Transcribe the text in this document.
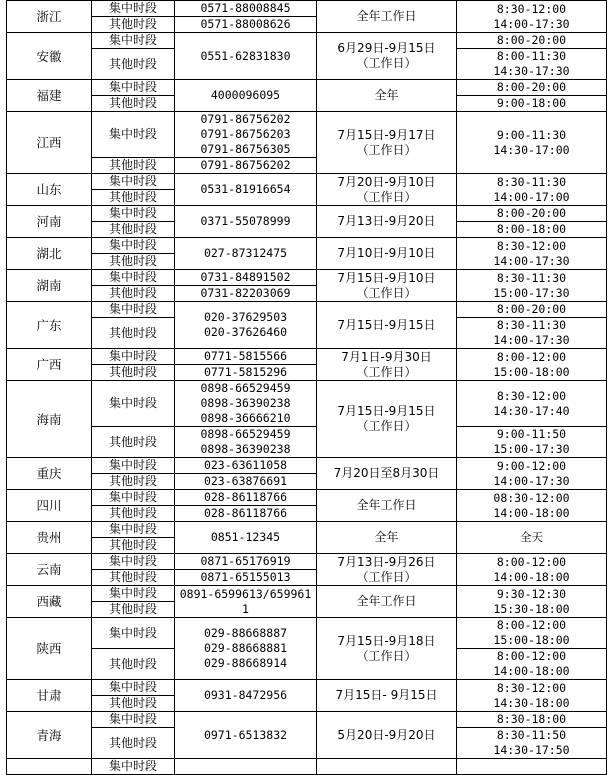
浙江	集中时段	0571-88008845	全年工作日	8:30-12:00
14:00-17:30

	其他时段	0571-88008626		

安徽	集中时段	0551-62831830	6月29日-9月15日
（工作日）	8:00-20:00

	其他时段			8:00-11:30
14:30-17:30

福建	集中时段	4000096095	全年	8:00-20:00

	其他时段			9:00-18:00

江西	集中时段	0791-86756202
0791-86756203
0791-86756305	7月15日-9月17日
（工作日）	9:00-11:30
14:30-17:00

	其他时段	0791-86756202		

山东	集中时段	0531-81916654	7月20日-9月10日
（工作日）	8:30-11:30
14:00-17:00

	其他时段			
河南	集中时段	0371-55078999	7月13日-9月20日	8:00-20:00

	其他时段			8:00-18:00

湖北	集中时段	027-87312475	7月10日-9月10日	8:30-12:00
14:00-17:30

	其他时段			
湖南	集中时段	0731-84891502	7月15日-9月10日
（工作日）	8:30-11:30
15:00-17:30

	其他时段	0731-82203069		

广东	集中时段	020-37629503
020-37626460	7月15日-9月15日	8:00-20:00

	其他时段			8:30-11:30
14:00-17:30

广西	集中时段	0771-5815566	7月1日-9月30日
（工作日）	8:00-12:00
15:00-18:00

	其他时段	0771-5815296		

海南	集中时段	0898-66529459
0898-36390238
0898-36666210	7月15日-9月15日
（工作日）	8:30-12:00
14:30-17:40

	其他时段	0898-66529459
0898-36390238		9:00-11:50
15:00-17:30

重庆	集中时段	023-63611058	7月20日至8月30日	9:00-12:00
14:00-17:30

	其他时段	023-63876691		

四川	集中时段	028-86118766	全年工作日	08:30-12:00
14:00-18:00

	其他时段	028-86118766		

贵州	集中时段	0851-12345	全年	全天

	其他时段			
云南	集中时段	0871-65176919	7月13日-9月26日
（工作日）	8:00-12:00
14:00-18:00

	其他时段	0871-65155013		

西藏	集中时段	0891-6599613/659961
1	全年工作日	9:30-12:30
15:30-18:00

	其他时段			
陕西	集中时段	029-88668887
029-88668881
029-88668914	7月15日-9月18日
（工作日）	8:00-12:00
15:00-18:00

	其他时段			8:00-12:00
14:00-18:00

甘肃	集中时段	0931-8472956	7月15日- 9月15日	8:30-12:00
14:30-18:00

	其他时段			
青海	集中时段	0971-6513832	5月20日-9月20日	8:30-18:00

	其他时段			8:30-11:50
14:30-17:50

	集中时段			
